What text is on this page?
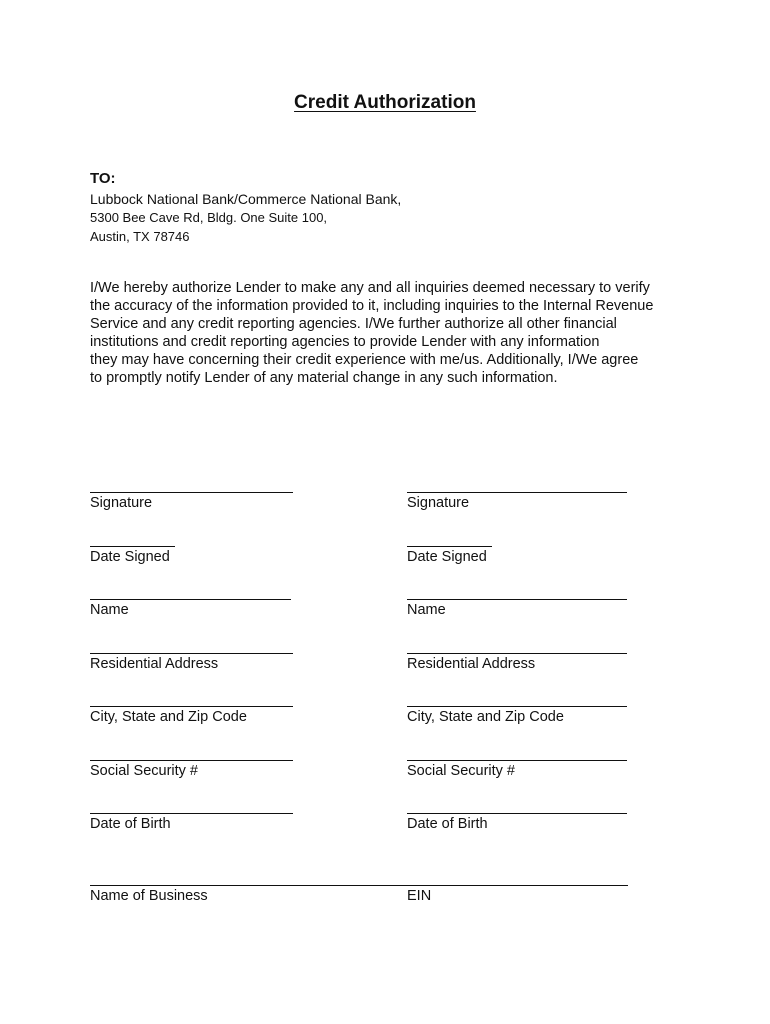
Credit Authorization
TO:
Lubbock National Bank/Commerce National Bank,
5300 Bee Cave Rd, Bldg. One Suite 100,
Austin, TX 78746
I/We hereby authorize Lender to make any and all inquiries deemed necessary to verify
the accuracy of the information provided to it, including inquiries to the Internal Revenue
Service and any credit reporting agencies. I/We further authorize all other financial
institutions and credit reporting agencies to provide Lender with any information
they may have concerning their credit experience with me/us. Additionally, I/We agree
to promptly notify Lender of any material change in any such information.
Signature
Date Signed
Name
Residential Address
City, State and Zip Code
Social Security #
Date of Birth
Name of Business
Signature
Date Signed
Name
Residential Address
City, State and Zip Code
Social Security #
Date of Birth
EIN
